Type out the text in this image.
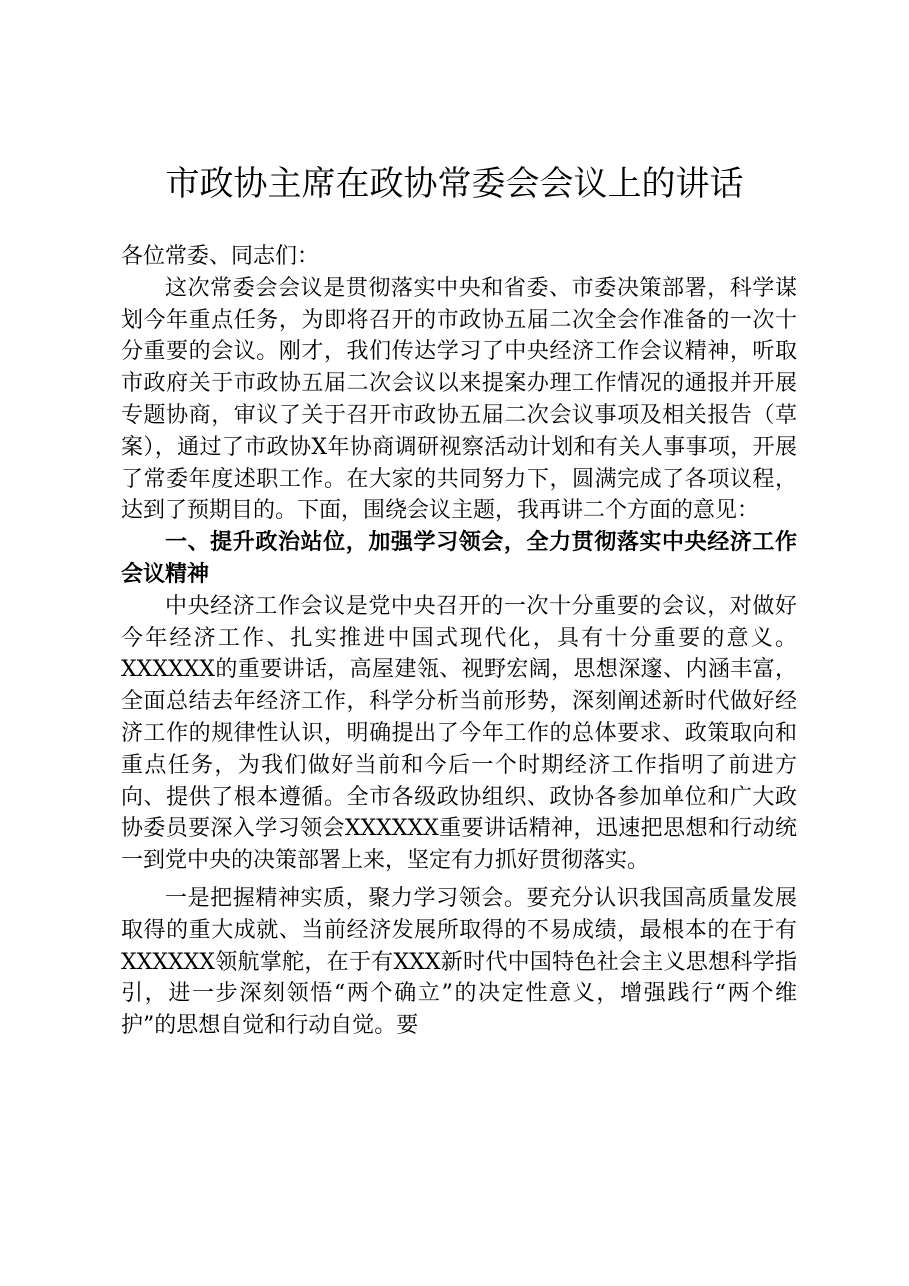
市政协主席在政协常委会会议上的讲话

各位常委、同志们：

这次常委会会议是贯彻落实中央和省委、市委决策部署，科学谋划今年重点任务，为即将召开的市政协五届二次全会作准备的一次十分重要的会议。刚才，我们传达学习了中央经济工作会议精神，听取市政府关于市政协五届二次会议以来提案办理工作情况的通报并开展专题协商，审议了关于召开市政协五届二次会议事项及相关报告（草案），通过了市政协X年协商调研视察活动计划和有关人事事项，开展了常委年度述职工作。在大家的共同努力下，圆满完成了各项议程，达到了预期目的。下面，围绕会议主题，我再讲二个方面的意见：

一、提升政治站位，加强学习领会，全力贯彻落实中央经济工作会议精神

中央经济工作会议是党中央召开的一次十分重要的会议，对做好今年经济工作、扎实推进中国式现代化，具有十分重要的意义。XXXXXX的重要讲话，高屋建瓴、视野宏阔，思想深邃、内涵丰富，全面总结去年经济工作，科学分析当前形势，深刻阐述新时代做好经济工作的规律性认识，明确提出了今年工作的总体要求、政策取向和重点任务，为我们做好当前和今后一个时期经济工作指明了前进方向、提供了根本遵循。全市各级政协组织、政协各参加单位和广大政协委员要深入学习领会XXXXXX重要讲话精神，迅速把思想和行动统一到党中央的决策部署上来，坚定有力抓好贯彻落实。

一是把握精神实质，聚力学习领会。要充分认识我国高质量发展取得的重大成就、当前经济发展所取得的不易成绩，最根本的在于有XXXXXX领航掌舵，在于有XXX新时代中国特色社会主义思想科学指引，进一步深刻领悟“两个确立”的决定性意义，增强践行“两个维护”的思想自觉和行动自觉。要
